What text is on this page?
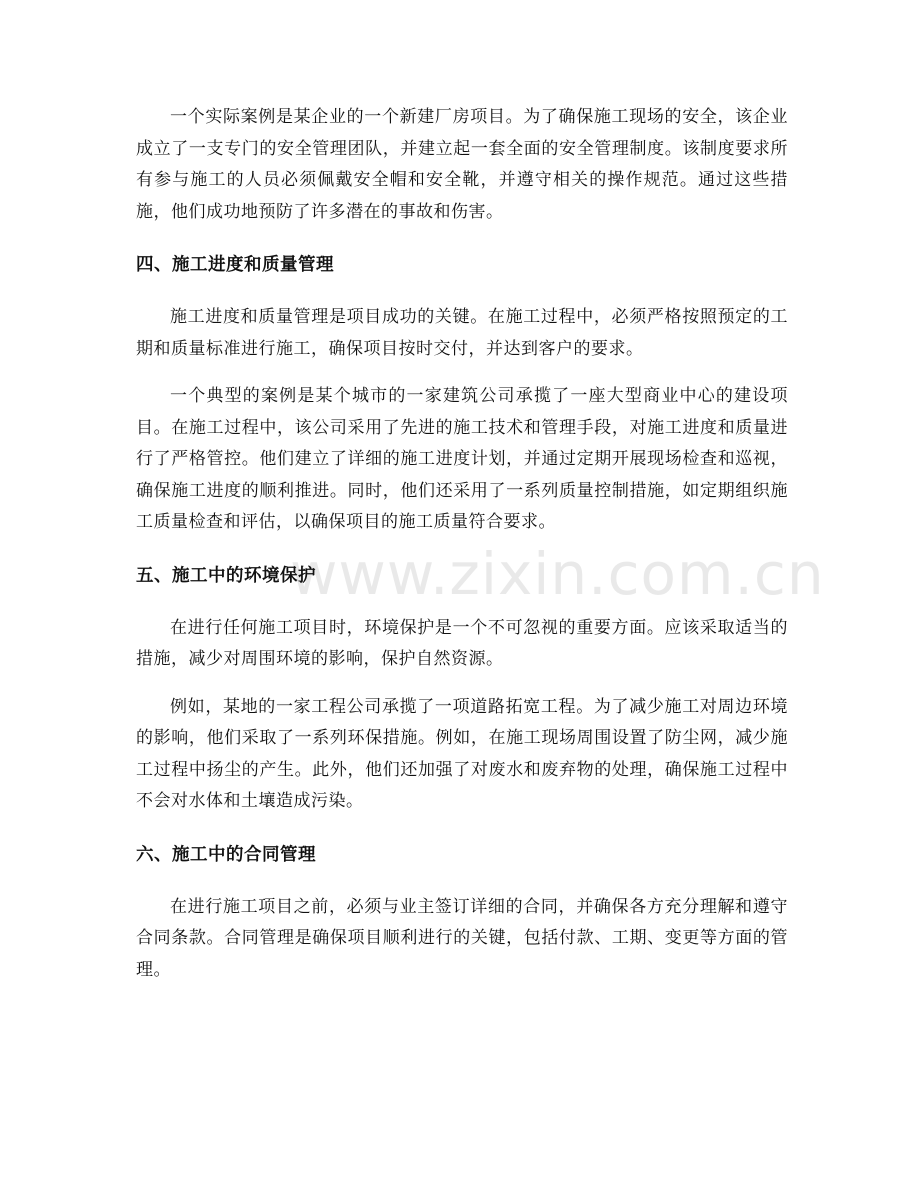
www.zixin.com.cn

一个实际案例是某企业的一个新建厂房项目。为了确保施工现场的安全，该企业成立了一支专门的安全管理团队，并建立起一套全面的安全管理制度。该制度要求所有参与施工的人员必须佩戴安全帽和安全靴，并遵守相关的操作规范。通过这些措施，他们成功地预防了许多潜在的事故和伤害。

四、施工进度和质量管理

施工进度和质量管理是项目成功的关键。在施工过程中，必须严格按照预定的工期和质量标准进行施工，确保项目按时交付，并达到客户的要求。

一个典型的案例是某个城市的一家建筑公司承揽了一座大型商业中心的建设项目。在施工过程中，该公司采用了先进的施工技术和管理手段，对施工进度和质量进行了严格管控。他们建立了详细的施工进度计划，并通过定期开展现场检查和巡视，确保施工进度的顺利推进。同时，他们还采用了一系列质量控制措施，如定期组织施工质量检查和评估，以确保项目的施工质量符合要求。

五、施工中的环境保护

在进行任何施工项目时，环境保护是一个不可忽视的重要方面。应该采取适当的措施，减少对周围环境的影响，保护自然资源。

例如，某地的一家工程公司承揽了一项道路拓宽工程。为了减少施工对周边环境的影响，他们采取了一系列环保措施。例如，在施工现场周围设置了防尘网，减少施工过程中扬尘的产生。此外，他们还加强了对废水和废弃物的处理，确保施工过程中不会对水体和土壤造成污染。

六、施工中的合同管理

在进行施工项目之前，必须与业主签订详细的合同，并确保各方充分理解和遵守合同条款。合同管理是确保项目顺利进行的关键，包括付款、工期、变更等方面的管理。
